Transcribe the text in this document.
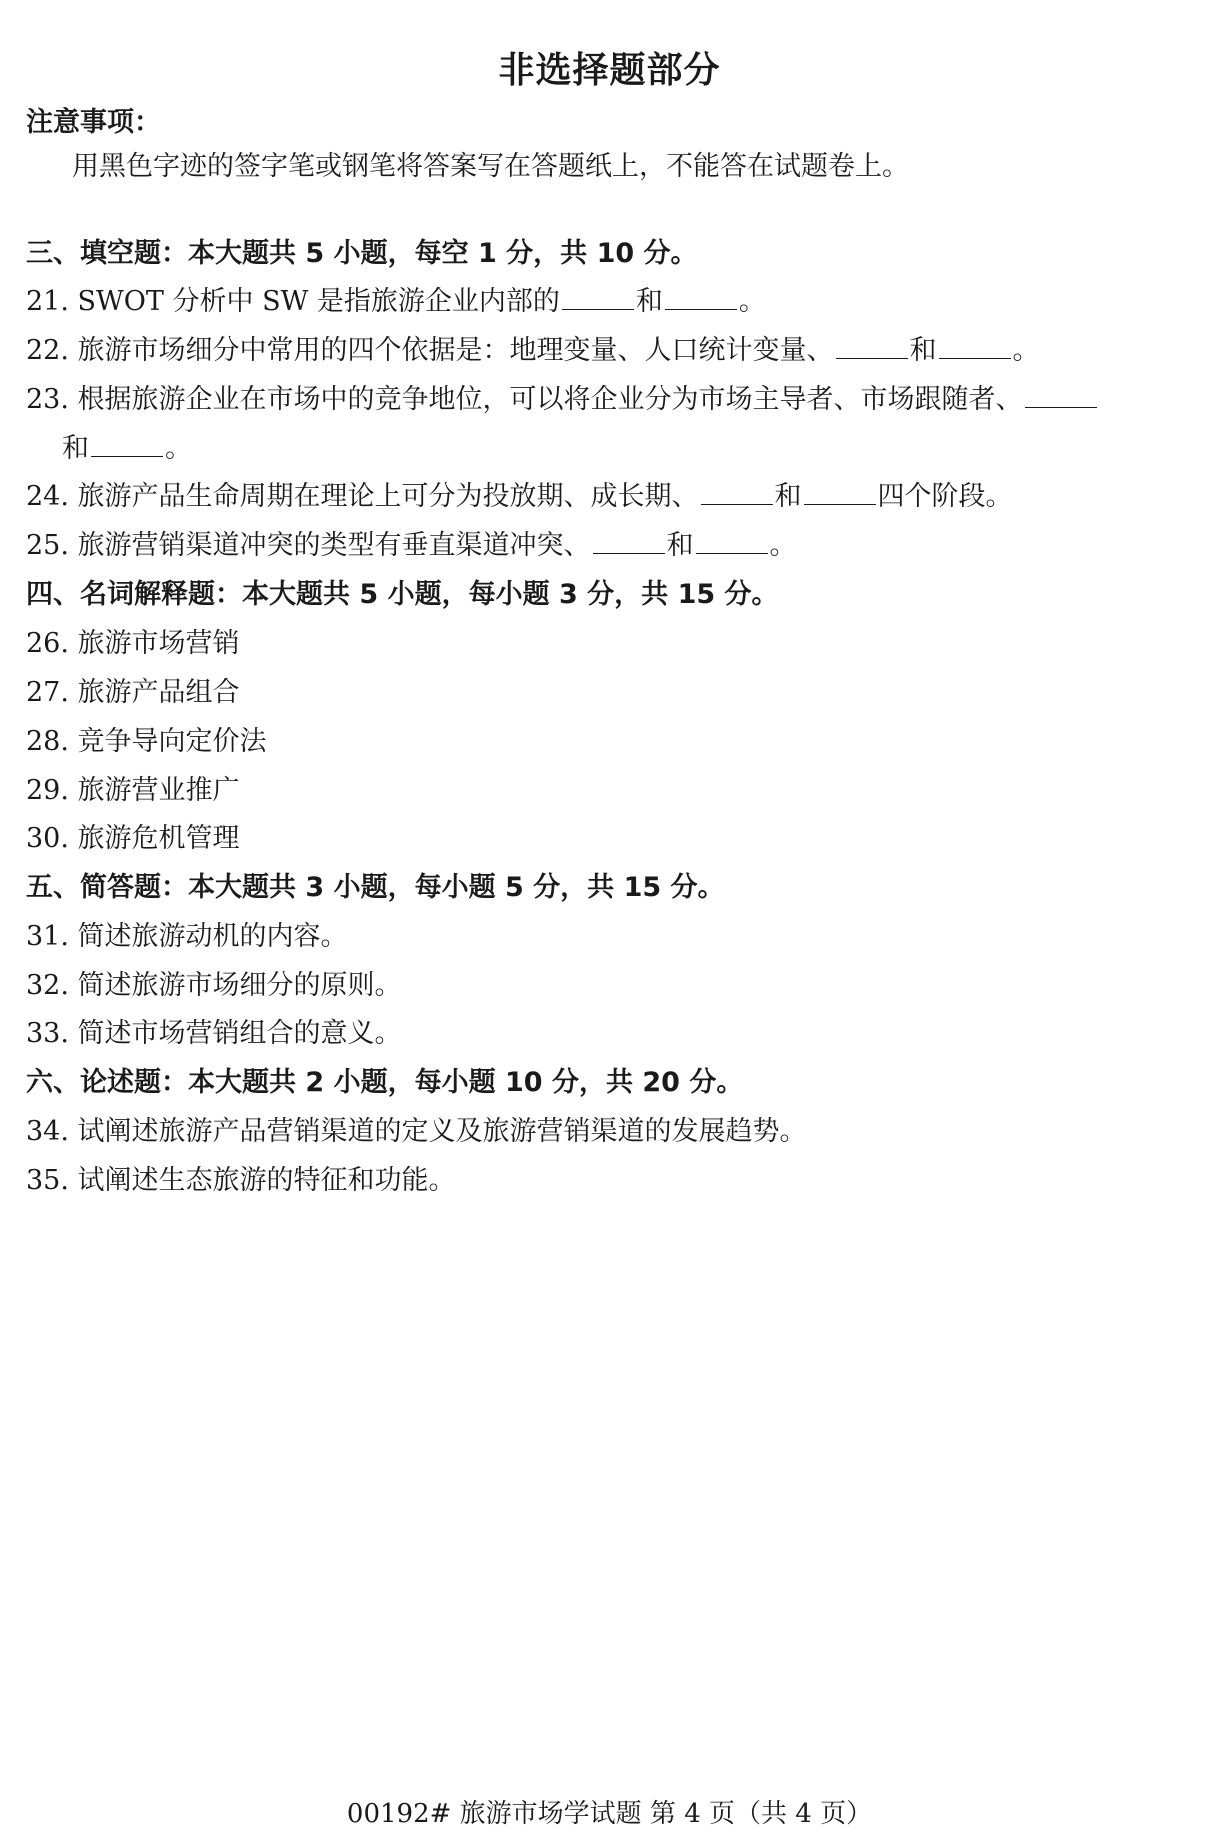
非选择题部分
注意事项：
用黑色字迹的签字笔或钢笔将答案写在答题纸上，不能答在试题卷上。
三、填空题：本大题共 5 小题，每空 1 分，共 10 分。
21. SWOT 分析中 SW 是指旅游企业内部的	和	。
22. 旅游市场细分中常用的四个依据是：地理变量、人口统计变量、	和	。
23. 根据旅游企业在市场中的竞争地位，可以将企业分为市场主导者、市场跟随者、
和	。
24. 旅游产品生命周期在理论上可分为投放期、成长期、	和	四个阶段。
25. 旅游营销渠道冲突的类型有垂直渠道冲突、	和	。
四、名词解释题：本大题共 5 小题，每小题 3 分，共 15 分。
26. 旅游市场营销
27. 旅游产品组合
28. 竞争导向定价法
29. 旅游营业推广
30. 旅游危机管理
五、简答题：本大题共 3 小题，每小题 5 分，共 15 分。
31. 简述旅游动机的内容。
32. 简述旅游市场细分的原则。
33. 简述市场营销组合的意义。
六、论述题：本大题共 2 小题，每小题 10 分，共 20 分。
34. 试阐述旅游产品营销渠道的定义及旅游营销渠道的发展趋势。
35. 试阐述生态旅游的特征和功能。
00192# 旅游市场学试题 第 4 页（共 4 页）
